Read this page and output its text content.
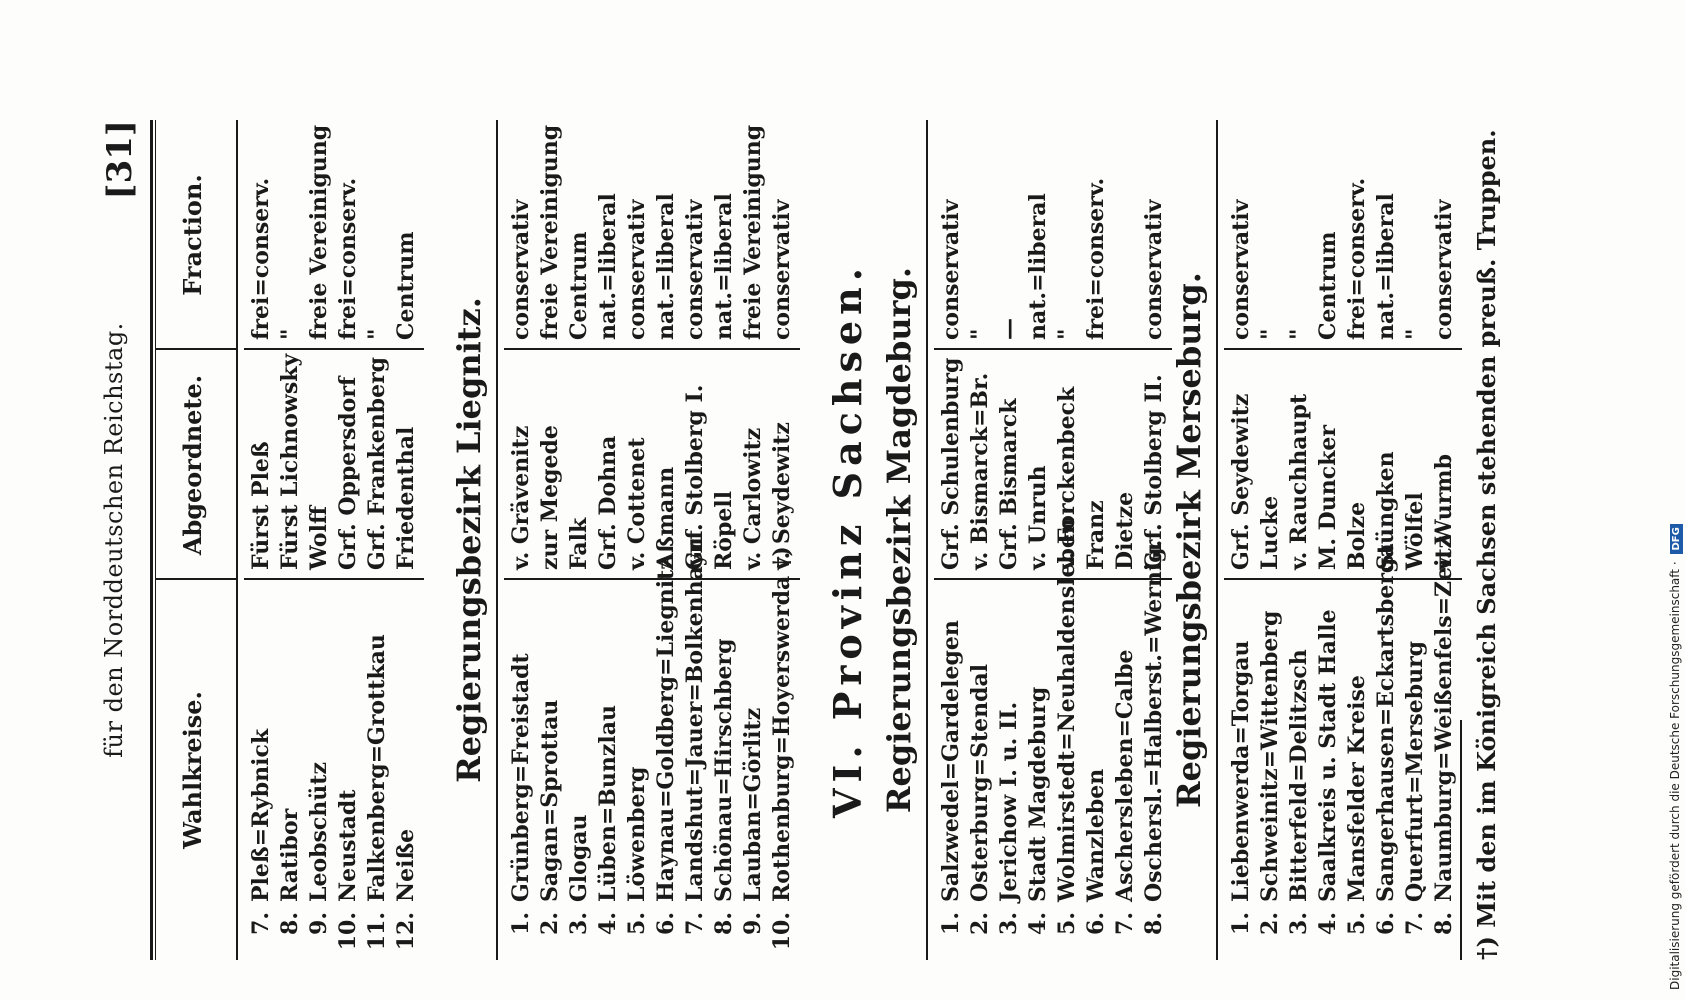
für den Norddeutschen Reichstag.
[31]
Wahlkreise.
Abgeordnete.
Fraction.
7.
Pleß=Rybnick
Fürst Pleß
frei=conserv.
8.
Ratibor
Fürst Lichnowsky
"
9.
Leobschütz
Wolff
freie Vereinigung
10.
Neustadt
Grf. Oppersdorf
frei=conserv.
11.
Falkenberg=Grottkau
Grf. Frankenberg
"
12.
Neiße
Friedenthal
Centrum
Regierungsbezirk Liegnitz.
1.
Grünberg=Freistadt
v. Grävenitz
conservativ
2.
Sagan=Sprottau
zur Megede
freie Vereinigung
3.
Glogau
Falk
Centrum
4.
Lüben=Bunzlau
Grf. Dohna
nat.=liberal
5.
Löwenberg
v. Cottenet
conservativ
6.
Haynau=Goldberg=Liegnitz
Aßmann
nat.=liberal
7.
Landshut=Jauer=Bolkenhayn
Grf. Stolberg I.
conservativ
8.
Schönau=Hirschberg
Röpell
nat.=liberal
9.
Lauban=Görlitz
v. Carlowitz
freie Vereinigung
10.
Rothenburg=Hoyerswerda †)
v. Seydewitz
conservativ VI. Provinz Sachsen. Regierungsbezirk Magdeburg.
1.
Salzwedel=Gardelegen
Grf. Schulenburg
conservativ
2.
Osterburg=Stendal
v. Bismarck=Br.
"
3.
Jerichow I. u. II.
Grf. Bismarck
—
4.
Stadt Magdeburg
v. Unruh
nat.=liberal
5.
Wolmirstedt=Neuhaldensleben
v. Forckenbeck
"
6.
Wanzleben
Franz
frei=conserv.
7.
Aschersleben=Calbe
Dietze
8.
Oschersl.=Halberst.=Wernig.
Grf. Stolberg II.
conservativ
Regierungsbezirk Merseburg.
1.
Liebenwerda=Torgau
Grf. Seydewitz
conservativ
2.
Schweinitz=Wittenberg
Lucke
"
3.
Bitterfeld=Delitzsch
v. Rauchhaupt
"
4.
Saalkreis u. Stadt Halle
M. Duncker
Centrum
5.
Mansfelder Kreise
Bolze
frei=conserv.
6.
Sangerhausen=Eckartsberga
Stüngken
nat.=liberal
7.
Querfurt=Merseburg
Wölfel
"
8.
Naumburg=Weißenfels=Zeitz
v. Wurmb
conservativ †) Mit den im Königreich Sachsen stehenden preuß. Truppen.	Digitalisierung gefördert durch die Deutsche Forschungsgemeinschaft · DFG
